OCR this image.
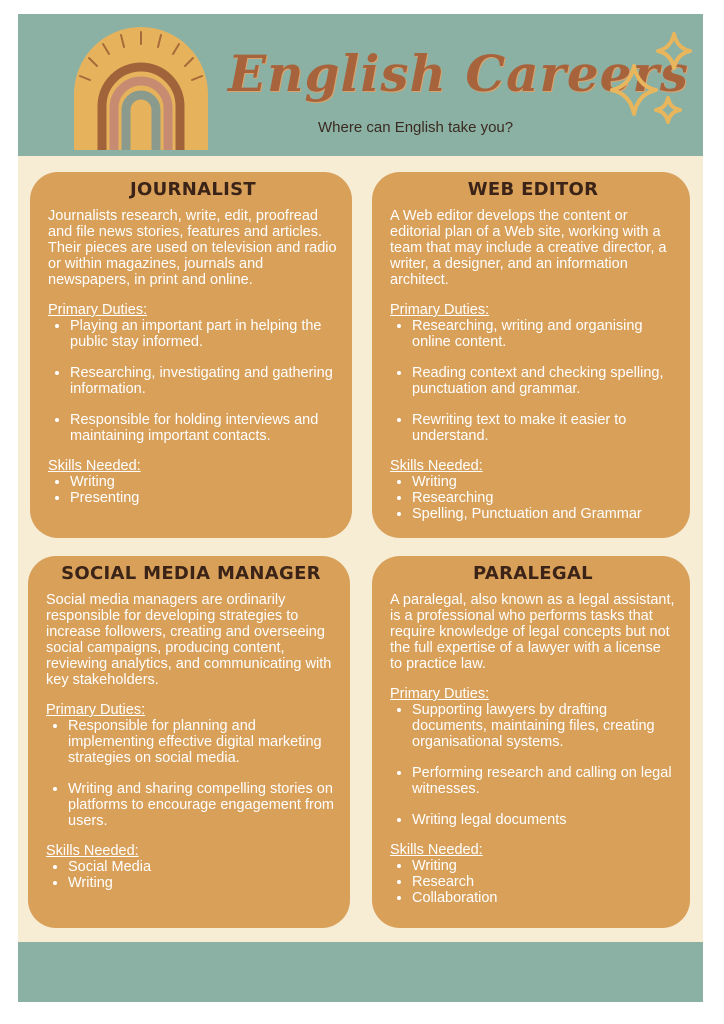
English Careers
Where can English take you?
JOURNALIST

Journalists research, write, edit, proofread and file news stories, features and articles. Their pieces are used on television and radio or within magazines, journals and newspapers, in print and online.

Primary Duties:
• Playing an important part in helping the public stay informed.
• Researching, investigating and gathering information.
• Responsible for holding interviews and maintaining important contacts.
Skills Needed:
• Writing
• Presenting
WEB EDITOR

A Web editor develops the content or editorial plan of a Web site, working with a team that may include a creative director, a writer, a designer, and an information architect.

Primary Duties:
• Researching, writing and organising online content.
• Reading context and checking spelling, punctuation and grammar.
• Rewriting text to make it easier to understand.
Skills Needed:
• Writing
• Researching
• Spelling, Punctuation and Grammar
SOCIAL MEDIA MANAGER

Social media managers are ordinarily responsible for developing strategies to increase followers, creating and overseeing social campaigns, producing content, reviewing analytics, and communicating with key stakeholders.

Primary Duties:
• Responsible for planning and implementing effective digital marketing strategies on social media.
• Writing and sharing compelling stories on platforms to encourage engagement from users.
Skills Needed:
• Social Media
• Writing
PARALEGAL

A paralegal, also known as a legal assistant, is a professional who performs tasks that require knowledge of legal concepts but not the full expertise of a lawyer with a license to practice law.

Primary Duties:
• Supporting lawyers by drafting documents, maintaining files, creating organisational systems.
• Performing research and calling on legal witnesses.
• Writing legal documents
Skills Needed:
• Writing
• Research
• Collaboration
